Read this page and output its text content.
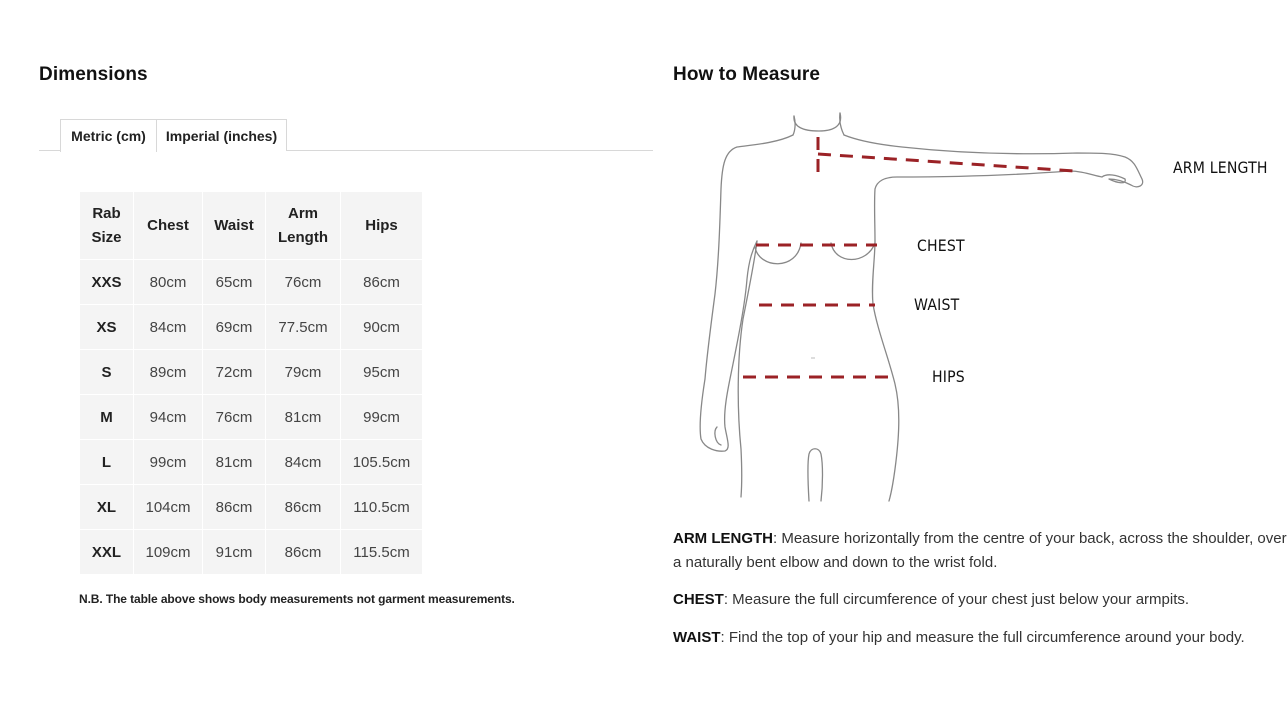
Dimensions
Metric (cm)	Imperial (inches)
Rab Size	Chest	Waist	Arm Length	Hips
XXS	80cm	65cm	76cm	86cm
XS	84cm	69cm	77.5cm	90cm
S	89cm	72cm	79cm	95cm
M	94cm	76cm	81cm	99cm
L	99cm	81cm	84cm	105.5cm
XL	104cm	86cm	86cm	110.5cm
XXL	109cm	91cm	86cm	115.5cm
N.B. The table above shows body measurements not garment measurements.
How to Measure
ARM LENGTH
CHEST
WAIST
HIPS

ARM LENGTH: Measure horizontally from the centre of your back, across the shoulder, over a naturally bent elbow and down to the wrist fold.

CHEST: Measure the full circumference of your chest just below your armpits.

WAIST: Find the top of your hip and measure the full circumference around your body.
